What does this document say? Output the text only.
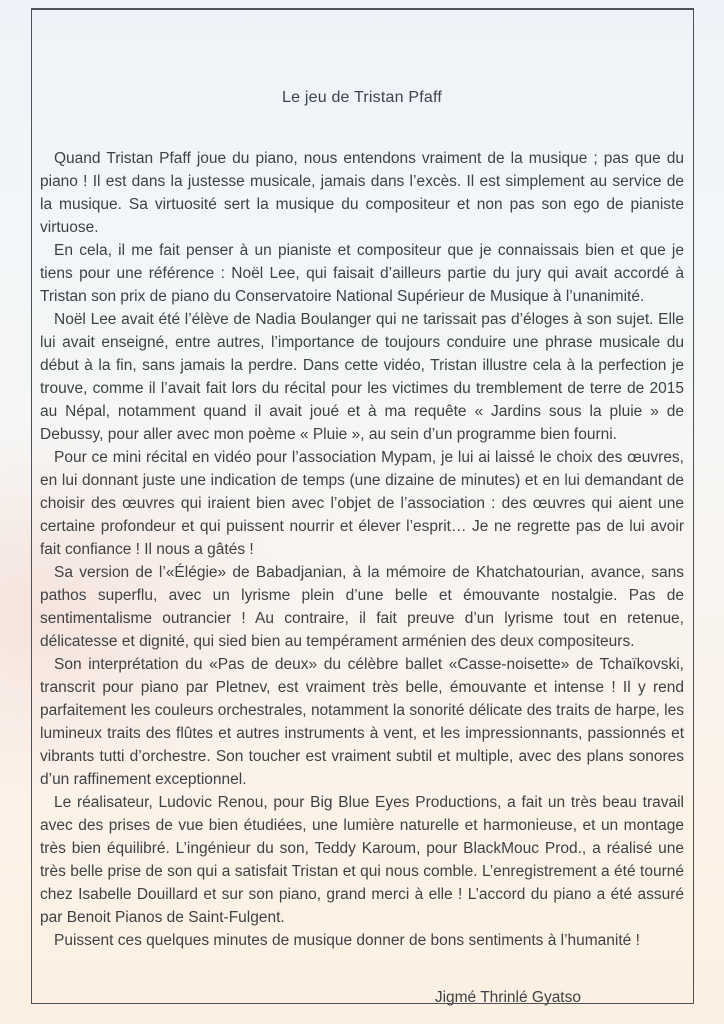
Le jeu de Tristan Pfaff

Quand Tristan Pfaff joue du piano, nous entendons vraiment de la musique ; pas que du piano ! Il est dans la justesse musicale, jamais dans l’excès. Il est simplement au service de la musique. Sa virtuosité sert la musique du compositeur et non pas son ego de pianiste virtuose.

En cela, il me fait penser à un pianiste et compositeur que je connaissais bien et que je tiens pour une référence : Noël Lee, qui faisait d’ailleurs partie du jury qui avait accordé à Tristan son prix de piano du Conservatoire National Supérieur de Musique à l’unanimité.

Noël Lee avait été l’élève de Nadia Boulanger qui ne tarissait pas d’éloges à son sujet. Elle lui avait enseigné, entre autres, l’importance de toujours conduire une phrase musicale du début à la fin, sans jamais la perdre. Dans cette vidéo, Tristan illustre cela à la perfection je trouve, comme il l’avait fait lors du récital pour les victimes du tremblement de terre de 2015 au Népal, notamment quand il avait joué et à ma requête « Jardins sous la pluie » de Debussy, pour aller avec mon poème « Pluie », au sein d’un programme bien fourni.

Pour ce mini récital en vidéo pour l’association Mypam, je lui ai laissé le choix des œuvres, en lui donnant juste une indication de temps (une dizaine de minutes) et en lui demandant de choisir des œuvres qui iraient bien avec l’objet de l’association : des œuvres qui aient une certaine profondeur et qui puissent nourrir et élever l’esprit… Je ne regrette pas de lui avoir fait confiance ! Il nous a gâtés !

Sa version de l’«Élégie» de Babadjanian, à la mémoire de Khatchatourian, avance, sans pathos superflu, avec un lyrisme plein d’une belle et émouvante nostalgie. Pas de sentimentalisme outrancier ! Au contraire, il fait preuve d’un lyrisme tout en retenue, délicatesse et dignité, qui sied bien au tempérament arménien des deux compositeurs.

Son interprétation du «Pas de deux» du célèbre ballet «Casse-noisette» de Tchaïkovski, transcrit pour piano par Pletnev, est vraiment très belle, émouvante et intense ! Il y rend parfaitement les couleurs orchestrales, notamment la sonorité délicate des traits de harpe, les lumineux traits des flûtes et autres instruments à vent, et les impressionnants, passionnés et vibrants tutti d’orchestre. Son toucher est vraiment subtil et multiple, avec des plans sonores d’un raffinement exceptionnel.

Le réalisateur, Ludovic Renou, pour Big Blue Eyes Productions, a fait un très beau travail avec des prises de vue bien étudiées, une lumière naturelle et harmonieuse, et un montage très bien équilibré. L’ingénieur du son, Teddy Karoum, pour BlackMouc Prod., a réalisé une très belle prise de son qui a satisfait Tristan et qui nous comble. L’enregistrement a été tourné chez Isabelle Douillard et sur son piano, grand merci à elle ! L’accord du piano a été assuré par Benoit Pianos de Saint-Fulgent.

Puissent ces quelques minutes de musique donner de bons sentiments à l’humanité !

Jigmé Thrinlé Gyatso
